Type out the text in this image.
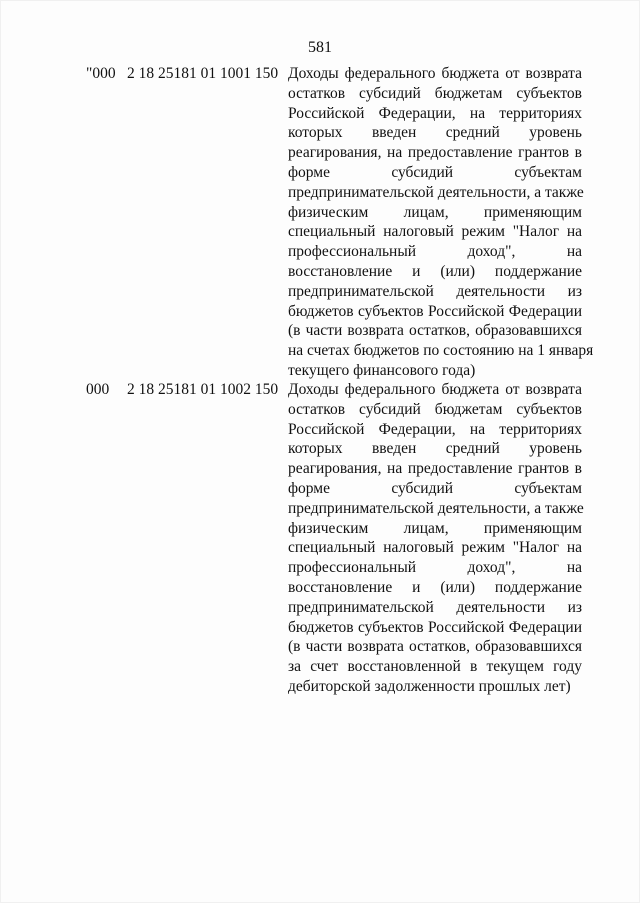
581
"000 2 18 25181 01 1001 150 Доходы федерального бюджета от возврата
остатков субсидий бюджетам субъектов
Российской Федерации, на территориях
которых введен средний уровень
реагирования, на предоставление грантов в
форме субсидий субъектам
предпринимательской деятельности, а также
физическим лицам, применяющим
специальный налоговый режим "Налог на
профессиональный доход", на
восстановление и (или) поддержание
предпринимательской деятельности из
бюджетов субъектов Российской Федерации
(в части возврата остатков, образовавшихся
на счетах бюджетов по состоянию на 1 января
текущего финансового года)
000 2 18 25181 01 1002 150 Доходы федерального бюджета от возврата
остатков субсидий бюджетам субъектов
Российской Федерации, на территориях
которых введен средний уровень
реагирования, на предоставление грантов в
форме субсидий субъектам
предпринимательской деятельности, а также
физическим лицам, применяющим
специальный налоговый режим "Налог на
профессиональный доход", на
восстановление и (или) поддержание
предпринимательской деятельности из
бюджетов субъектов Российской Федерации
(в части возврата остатков, образовавшихся
за счет восстановленной в текущем году
дебиторской задолженности прошлых лет)
